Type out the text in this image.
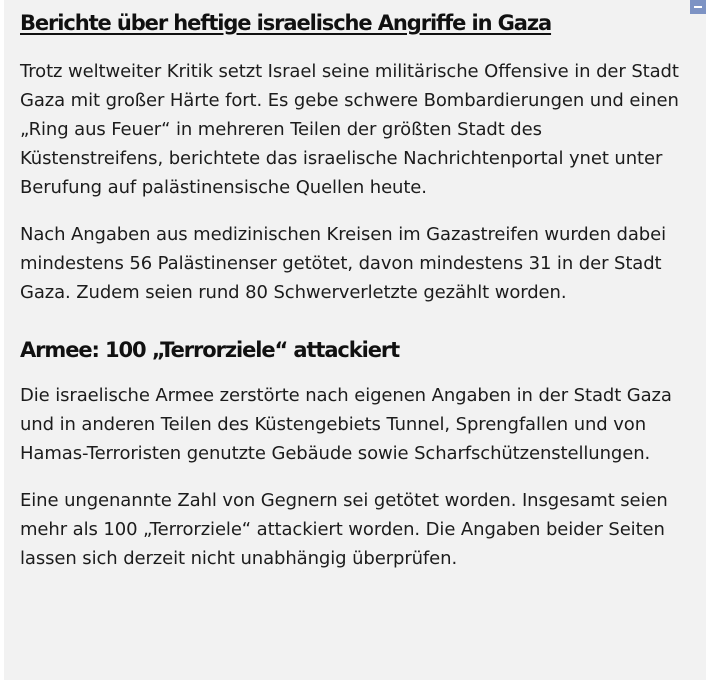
Berichte über heftige israelische Angriffe in Gaza

Trotz weltweiter Kritik setzt Israel seine militärische Offensive in der Stadt Gaza mit großer Härte fort. Es gebe schwere Bombardierungen und einen „Ring aus Feuer“ in mehreren Teilen der größten Stadt des Küstenstreifens, berichtete das israelische Nachrichtenportal ynet unter Berufung auf palästinensische Quellen heute.

Nach Angaben aus medizinischen Kreisen im Gazastreifen wurden dabei mindestens 56 Palästinenser getötet, davon mindestens 31 in der Stadt Gaza. Zudem seien rund 80 Schwerverletzte gezählt worden.

Armee: 100 „Terrorziele“ attackiert

Die israelische Armee zerstörte nach eigenen Angaben in der Stadt Gaza und in anderen Teilen des Küstengebiets Tunnel, Sprengfallen und von Hamas-Terroristen genutzte Gebäude sowie Scharfschützenstellungen.

Eine ungenannte Zahl von Gegnern sei getötet worden. Insgesamt seien mehr als 100 „Terrorziele“ attackiert worden. Die Angaben beider Seiten lassen sich derzeit nicht unabhängig überprüfen.
